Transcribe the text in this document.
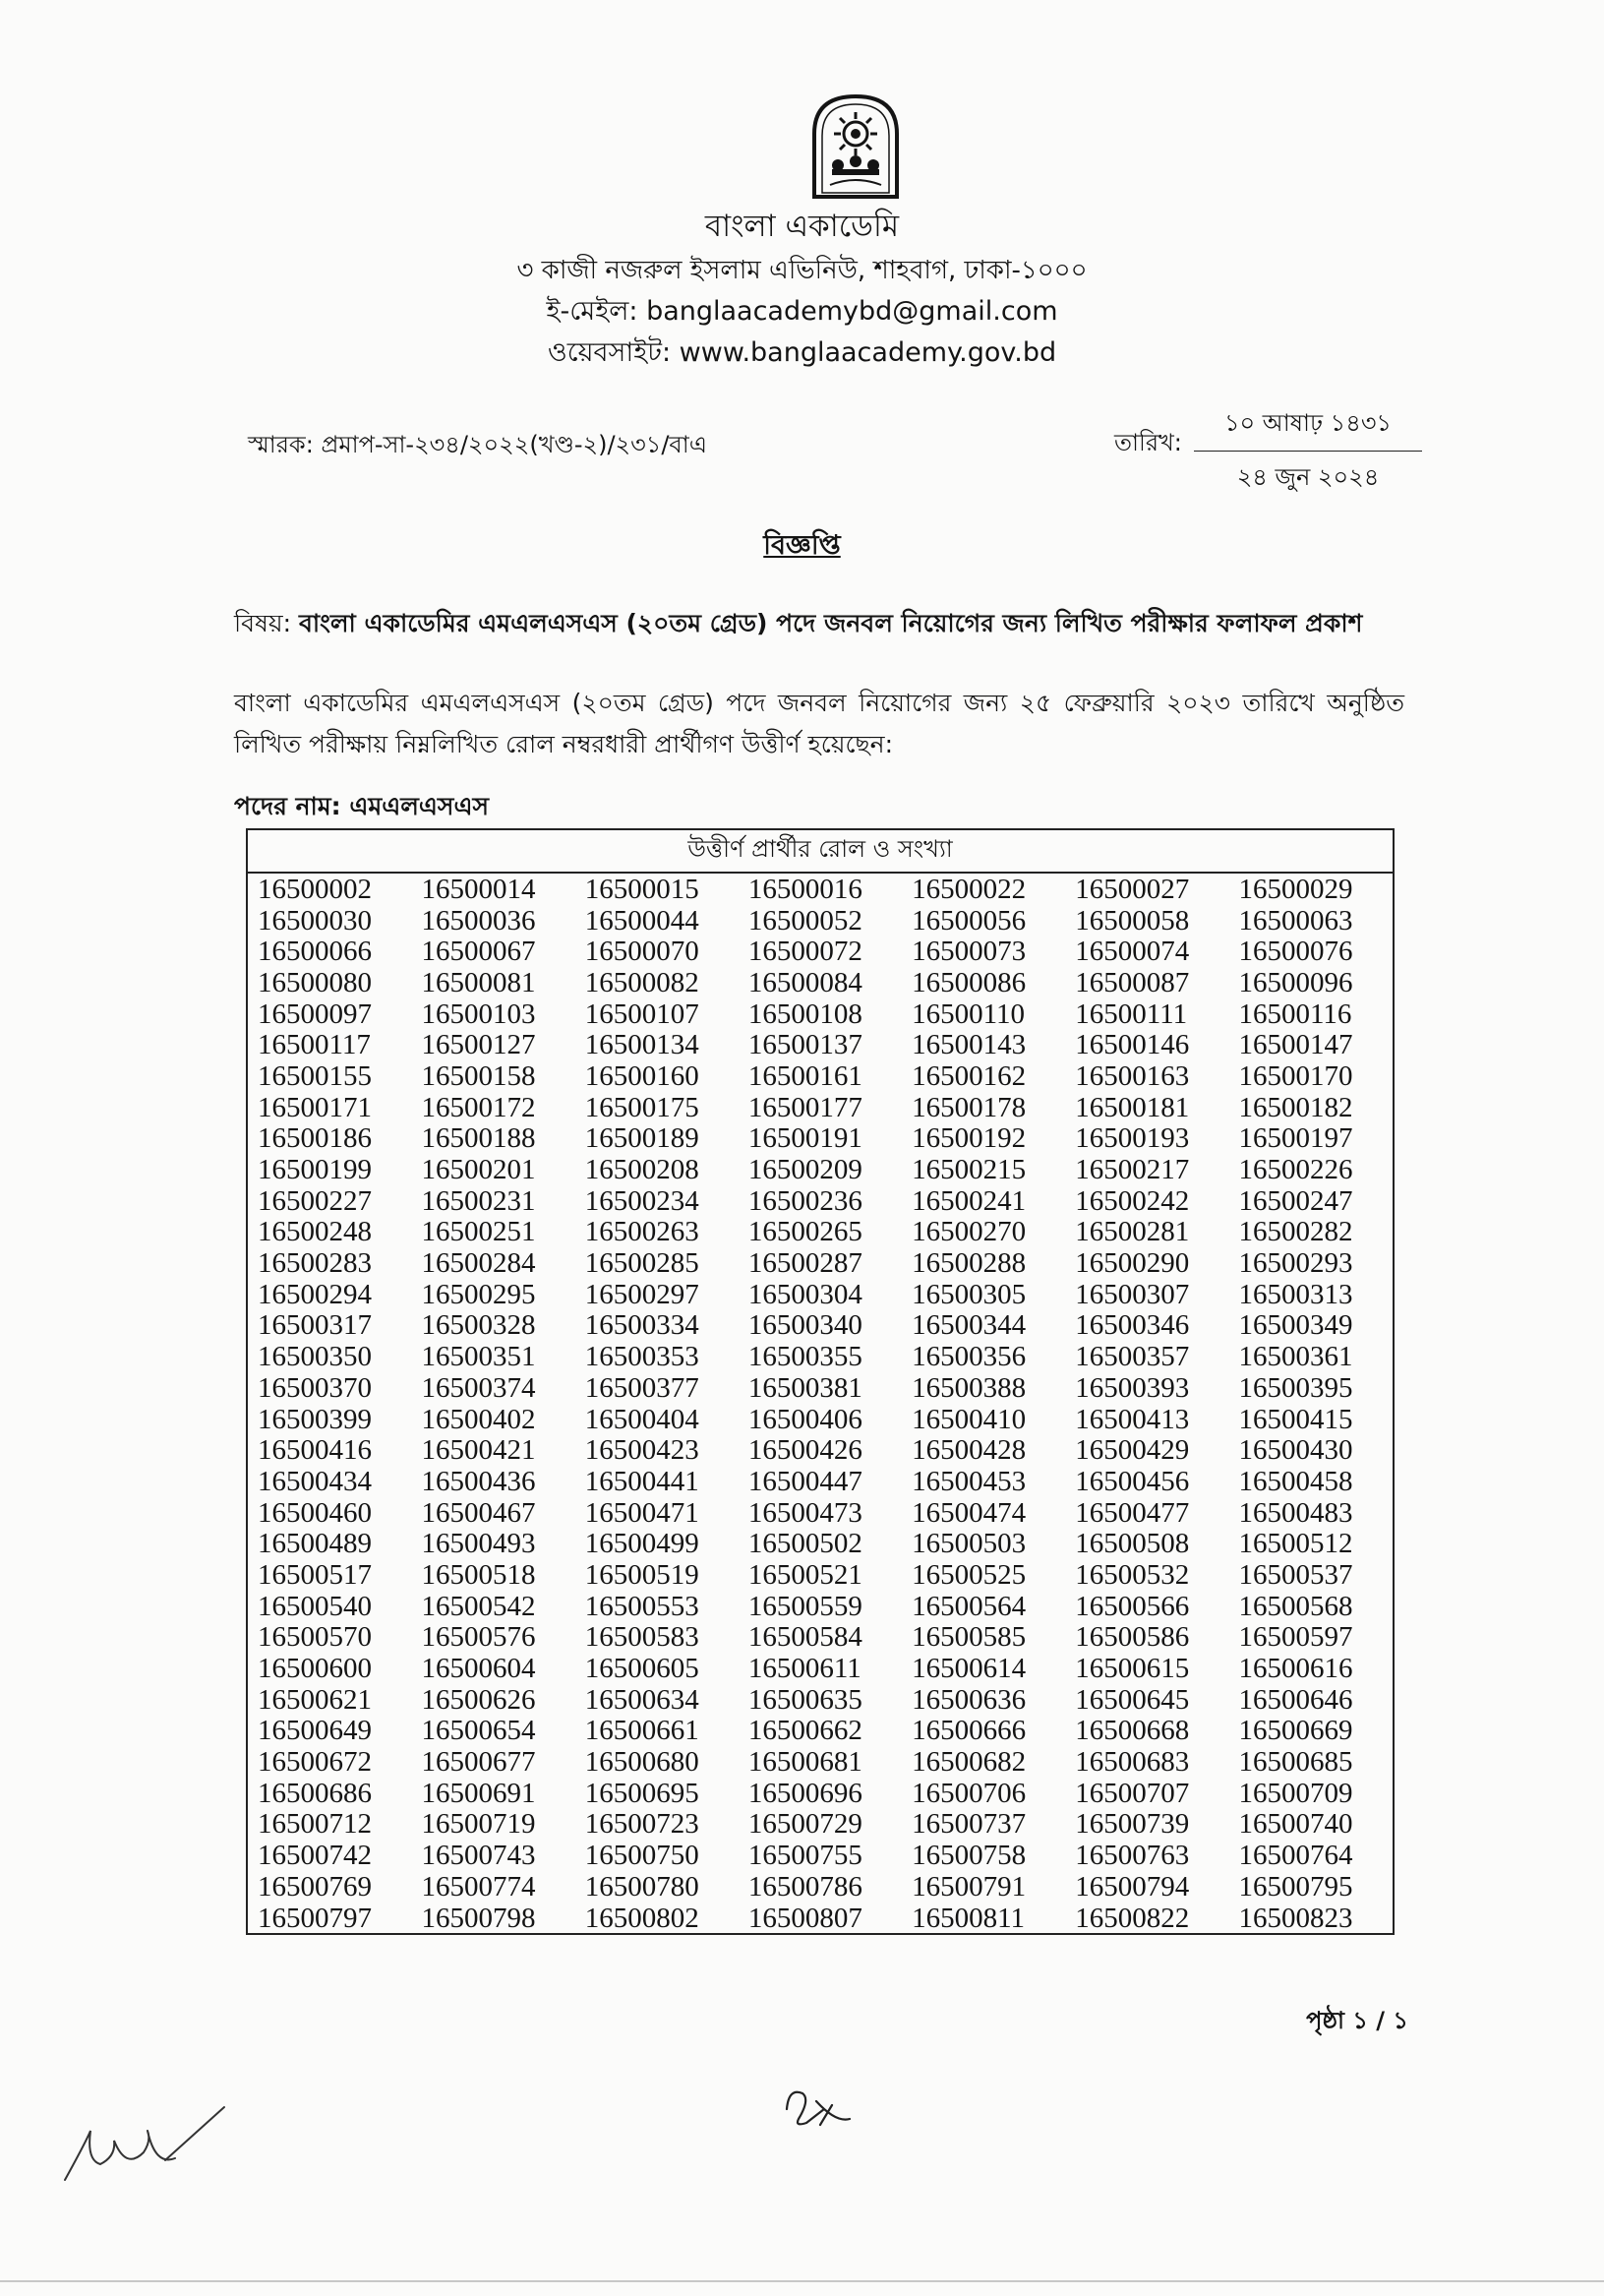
বাংলা একাডেমি
৩ কাজী নজরুল ইসলাম এভিনিউ, শাহবাগ, ঢাকা-১০০০
ই-মেইল: banglaacademybd@gmail.com
ওয়েবসাইট: www.banglaacademy.gov.bd
স্মারক: প্রমাপ-সা-২৩৪/২০২২(খণ্ড-২)/২৩১/বাএ	তারিখ:
১০ আষাঢ় ১৪৩১
২৪ জুন ২০২৪
বিজ্ঞপ্তি
বিষয়: বাংলা একাডেমির এমএলএসএস (২০তম গ্রেড) পদে জনবল নিয়োগের জন্য লিখিত পরীক্ষার ফলাফল প্রকাশ
বাংলা একাডেমির এমএলএসএস (২০তম গ্রেড) পদে জনবল নিয়োগের জন্য ২৫ ফেব্রুয়ারি ২০২৩ তারিখে অনুষ্ঠিত লিখিত পরীক্ষায় নিম্নলিখিত রোল নম্বরধারী প্রার্থীগণ উত্তীর্ণ হয়েছেন:
পদের নাম: এমএলএসএস
উত্তীর্ণ প্রার্থীর রোল ও সংখ্যা						
16500002	16500014	16500015	16500016	16500022	16500027	16500029
16500030	16500036	16500044	16500052	16500056	16500058	16500063
16500066	16500067	16500070	16500072	16500073	16500074	16500076
16500080	16500081	16500082	16500084	16500086	16500087	16500096
16500097	16500103	16500107	16500108	16500110	16500111	16500116
16500117	16500127	16500134	16500137	16500143	16500146	16500147
16500155	16500158	16500160	16500161	16500162	16500163	16500170
16500171	16500172	16500175	16500177	16500178	16500181	16500182
16500186	16500188	16500189	16500191	16500192	16500193	16500197
16500199	16500201	16500208	16500209	16500215	16500217	16500226
16500227	16500231	16500234	16500236	16500241	16500242	16500247
16500248	16500251	16500263	16500265	16500270	16500281	16500282
16500283	16500284	16500285	16500287	16500288	16500290	16500293
16500294	16500295	16500297	16500304	16500305	16500307	16500313
16500317	16500328	16500334	16500340	16500344	16500346	16500349
16500350	16500351	16500353	16500355	16500356	16500357	16500361
16500370	16500374	16500377	16500381	16500388	16500393	16500395
16500399	16500402	16500404	16500406	16500410	16500413	16500415
16500416	16500421	16500423	16500426	16500428	16500429	16500430
16500434	16500436	16500441	16500447	16500453	16500456	16500458
16500460	16500467	16500471	16500473	16500474	16500477	16500483
16500489	16500493	16500499	16500502	16500503	16500508	16500512
16500517	16500518	16500519	16500521	16500525	16500532	16500537
16500540	16500542	16500553	16500559	16500564	16500566	16500568
16500570	16500576	16500583	16500584	16500585	16500586	16500597
16500600	16500604	16500605	16500611	16500614	16500615	16500616
16500621	16500626	16500634	16500635	16500636	16500645	16500646
16500649	16500654	16500661	16500662	16500666	16500668	16500669
16500672	16500677	16500680	16500681	16500682	16500683	16500685
16500686	16500691	16500695	16500696	16500706	16500707	16500709
16500712	16500719	16500723	16500729	16500737	16500739	16500740
16500742	16500743	16500750	16500755	16500758	16500763	16500764
16500769	16500774	16500780	16500786	16500791	16500794	16500795
16500797	16500798	16500802	16500807	16500811	16500822	16500823
পৃষ্ঠা ১ / ১
